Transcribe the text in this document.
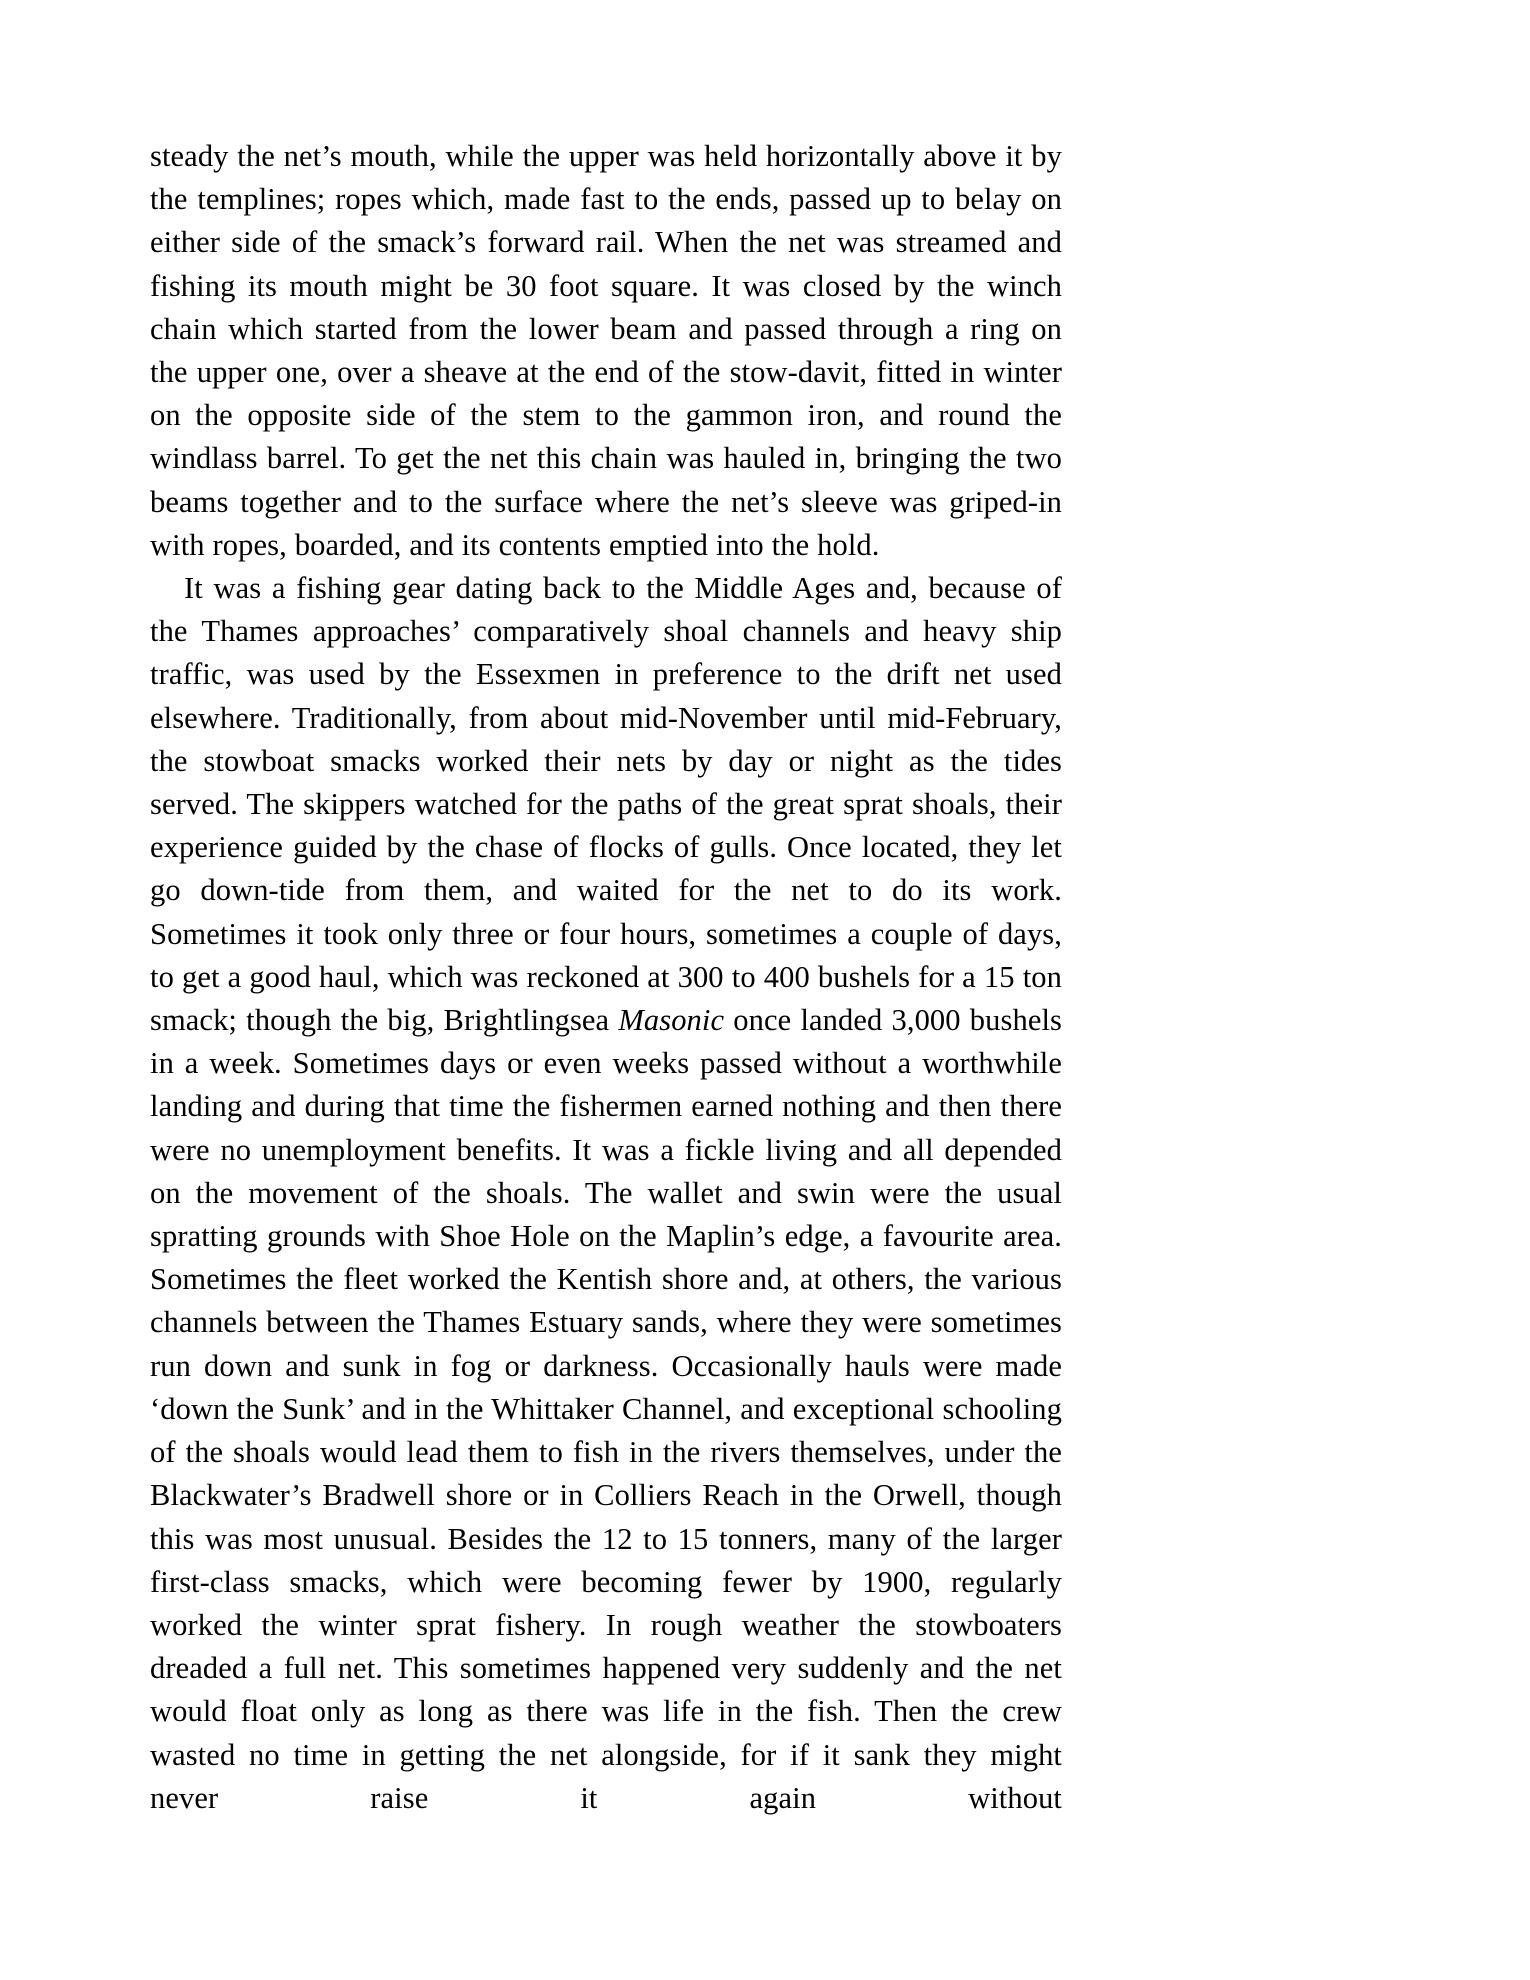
steady the net’s mouth, while the upper was held horizontally above it by the templines; ropes which, made fast to the ends, passed up to belay on either side of the smack’s forward rail. When the net was streamed and fishing its mouth might be 30 foot square. It was closed by the winch chain which started from the lower beam and passed through a ring on the upper one, over a sheave at the end of the stow-davit, fitted in winter on the opposite side of the stem to the gammon iron, and round the windlass barrel. To get the net this chain was hauled in, bringing the two beams together and to the surface where the net’s sleeve was griped-in with ropes, boarded, and its contents emptied into the hold.

It was a fishing gear dating back to the Middle Ages and, because of the Thames approaches’ comparatively shoal channels and heavy ship traffic, was used by the Essexmen in preference to the drift net used elsewhere. Traditionally, from about mid-November until mid-February, the stowboat smacks worked their nets by day or night as the tides served. The skippers watched for the paths of the great sprat shoals, their experience guided by the chase of flocks of gulls. Once located, they let go down-tide from them, and waited for the net to do its work. Sometimes it took only three or four hours, sometimes a couple of days, to get a good haul, which was reckoned at 300 to 400 bushels for a 15 ton smack; though the big, Brightlingsea Masonic once landed 3,000 bushels in a week. Sometimes days or even weeks passed without a worthwhile landing and during that time the fishermen earned nothing and then there were no unemployment benefits. It was a fickle living and all depended on the movement of the shoals. The wallet and swin were the usual spratting grounds with Shoe Hole on the Maplin’s edge, a favourite area. Sometimes the fleet worked the Kentish shore and, at others, the various channels between the Thames Estuary sands, where they were sometimes run down and sunk in fog or darkness. Occasionally hauls were made ‘down the Sunk’ and in the Whittaker Channel, and exceptional schooling of the shoals would lead them to fish in the rivers themselves, under the Blackwater’s Bradwell shore or in Colliers Reach in the Orwell, though this was most unusual. Besides the 12 to 15 tonners, many of the larger first-class smacks, which were becoming fewer by 1900, regularly worked the winter sprat fishery. In rough weather the stowboaters dreaded a full net. This sometimes happened very suddenly and the net would float only as long as there was life in the fish. Then the crew wasted no time in getting the net alongside, for if it sank they might never raise it again without
